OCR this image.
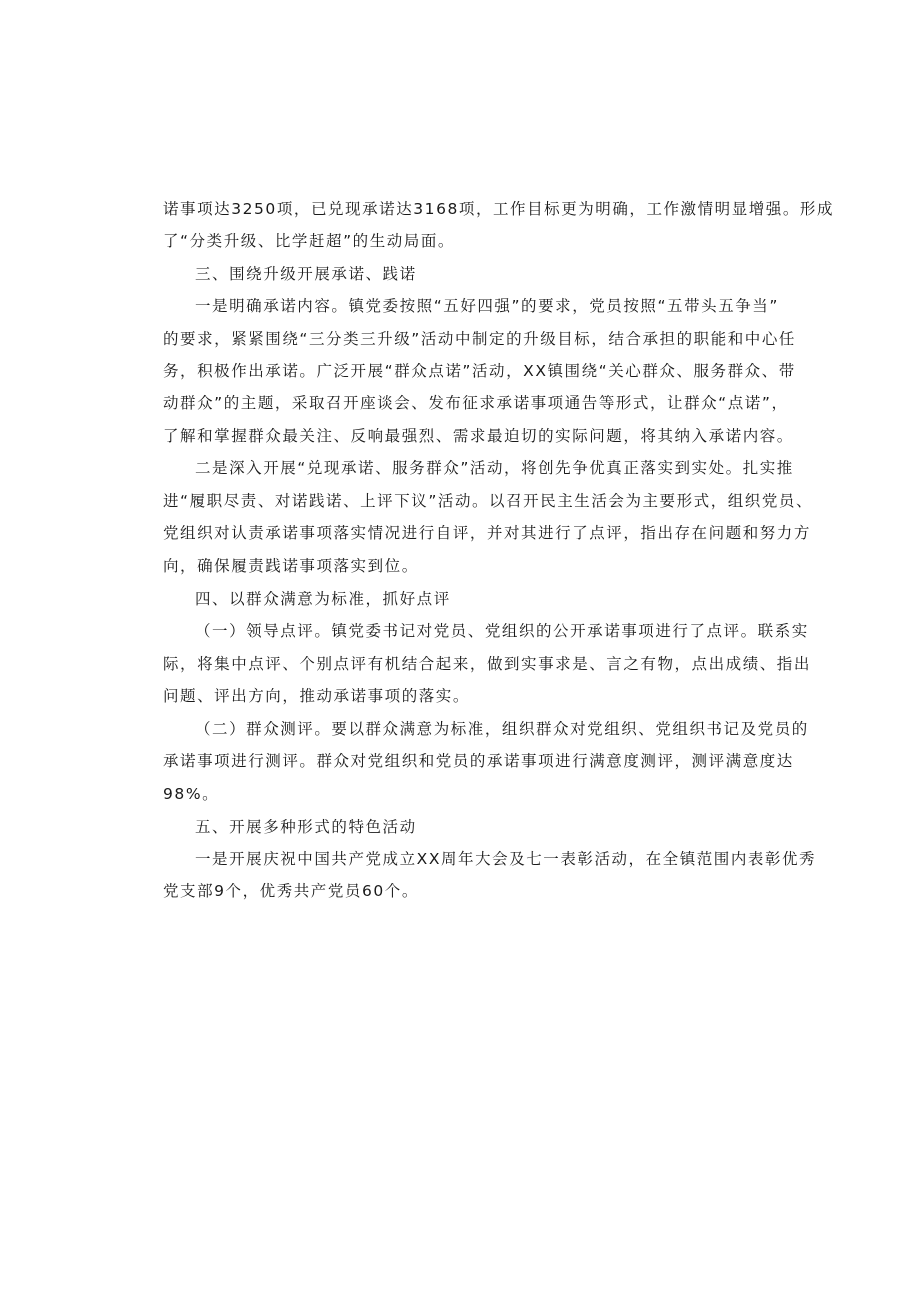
诺事项达3250项，已兑现承诺达3168项，工作目标更为明确，工作激情明显增强。形成
了“分类升级、比学赶超”的生动局面。
三、围绕升级开展承诺、践诺
一是明确承诺内容。镇党委按照“五好四强”的要求，党员按照“五带头五争当”
的要求，紧紧围绕“三分类三升级”活动中制定的升级目标，结合承担的职能和中心任
务，积极作出承诺。广泛开展“群众点诺”活动，XX镇围绕“关心群众、服务群众、带
动群众”的主题，采取召开座谈会、发布征求承诺事项通告等形式，让群众“点诺”，
了解和掌握群众最关注、反响最强烈、需求最迫切的实际问题，将其纳入承诺内容。
二是深入开展“兑现承诺、服务群众”活动，将创先争优真正落实到实处。扎实推
进“履职尽责、对诺践诺、上评下议”活动。以召开民主生活会为主要形式，组织党员、
党组织对认责承诺事项落实情况进行自评，并对其进行了点评，指出存在问题和努力方
向，确保履责践诺事项落实到位。
四、以群众满意为标准，抓好点评
（一）领导点评。镇党委书记对党员、党组织的公开承诺事项进行了点评。联系实
际，将集中点评、个别点评有机结合起来，做到实事求是、言之有物，点出成绩、指出
问题、评出方向，推动承诺事项的落实。
（二）群众测评。要以群众满意为标准，组织群众对党组织、党组织书记及党员的
承诺事项进行测评。群众对党组织和党员的承诺事项进行满意度测评，测评满意度达
98%。
五、开展多种形式的特色活动
一是开展庆祝中国共产党成立XX周年大会及七一表彰活动，在全镇范围内表彰优秀
党支部9个，优秀共产党员60个。
